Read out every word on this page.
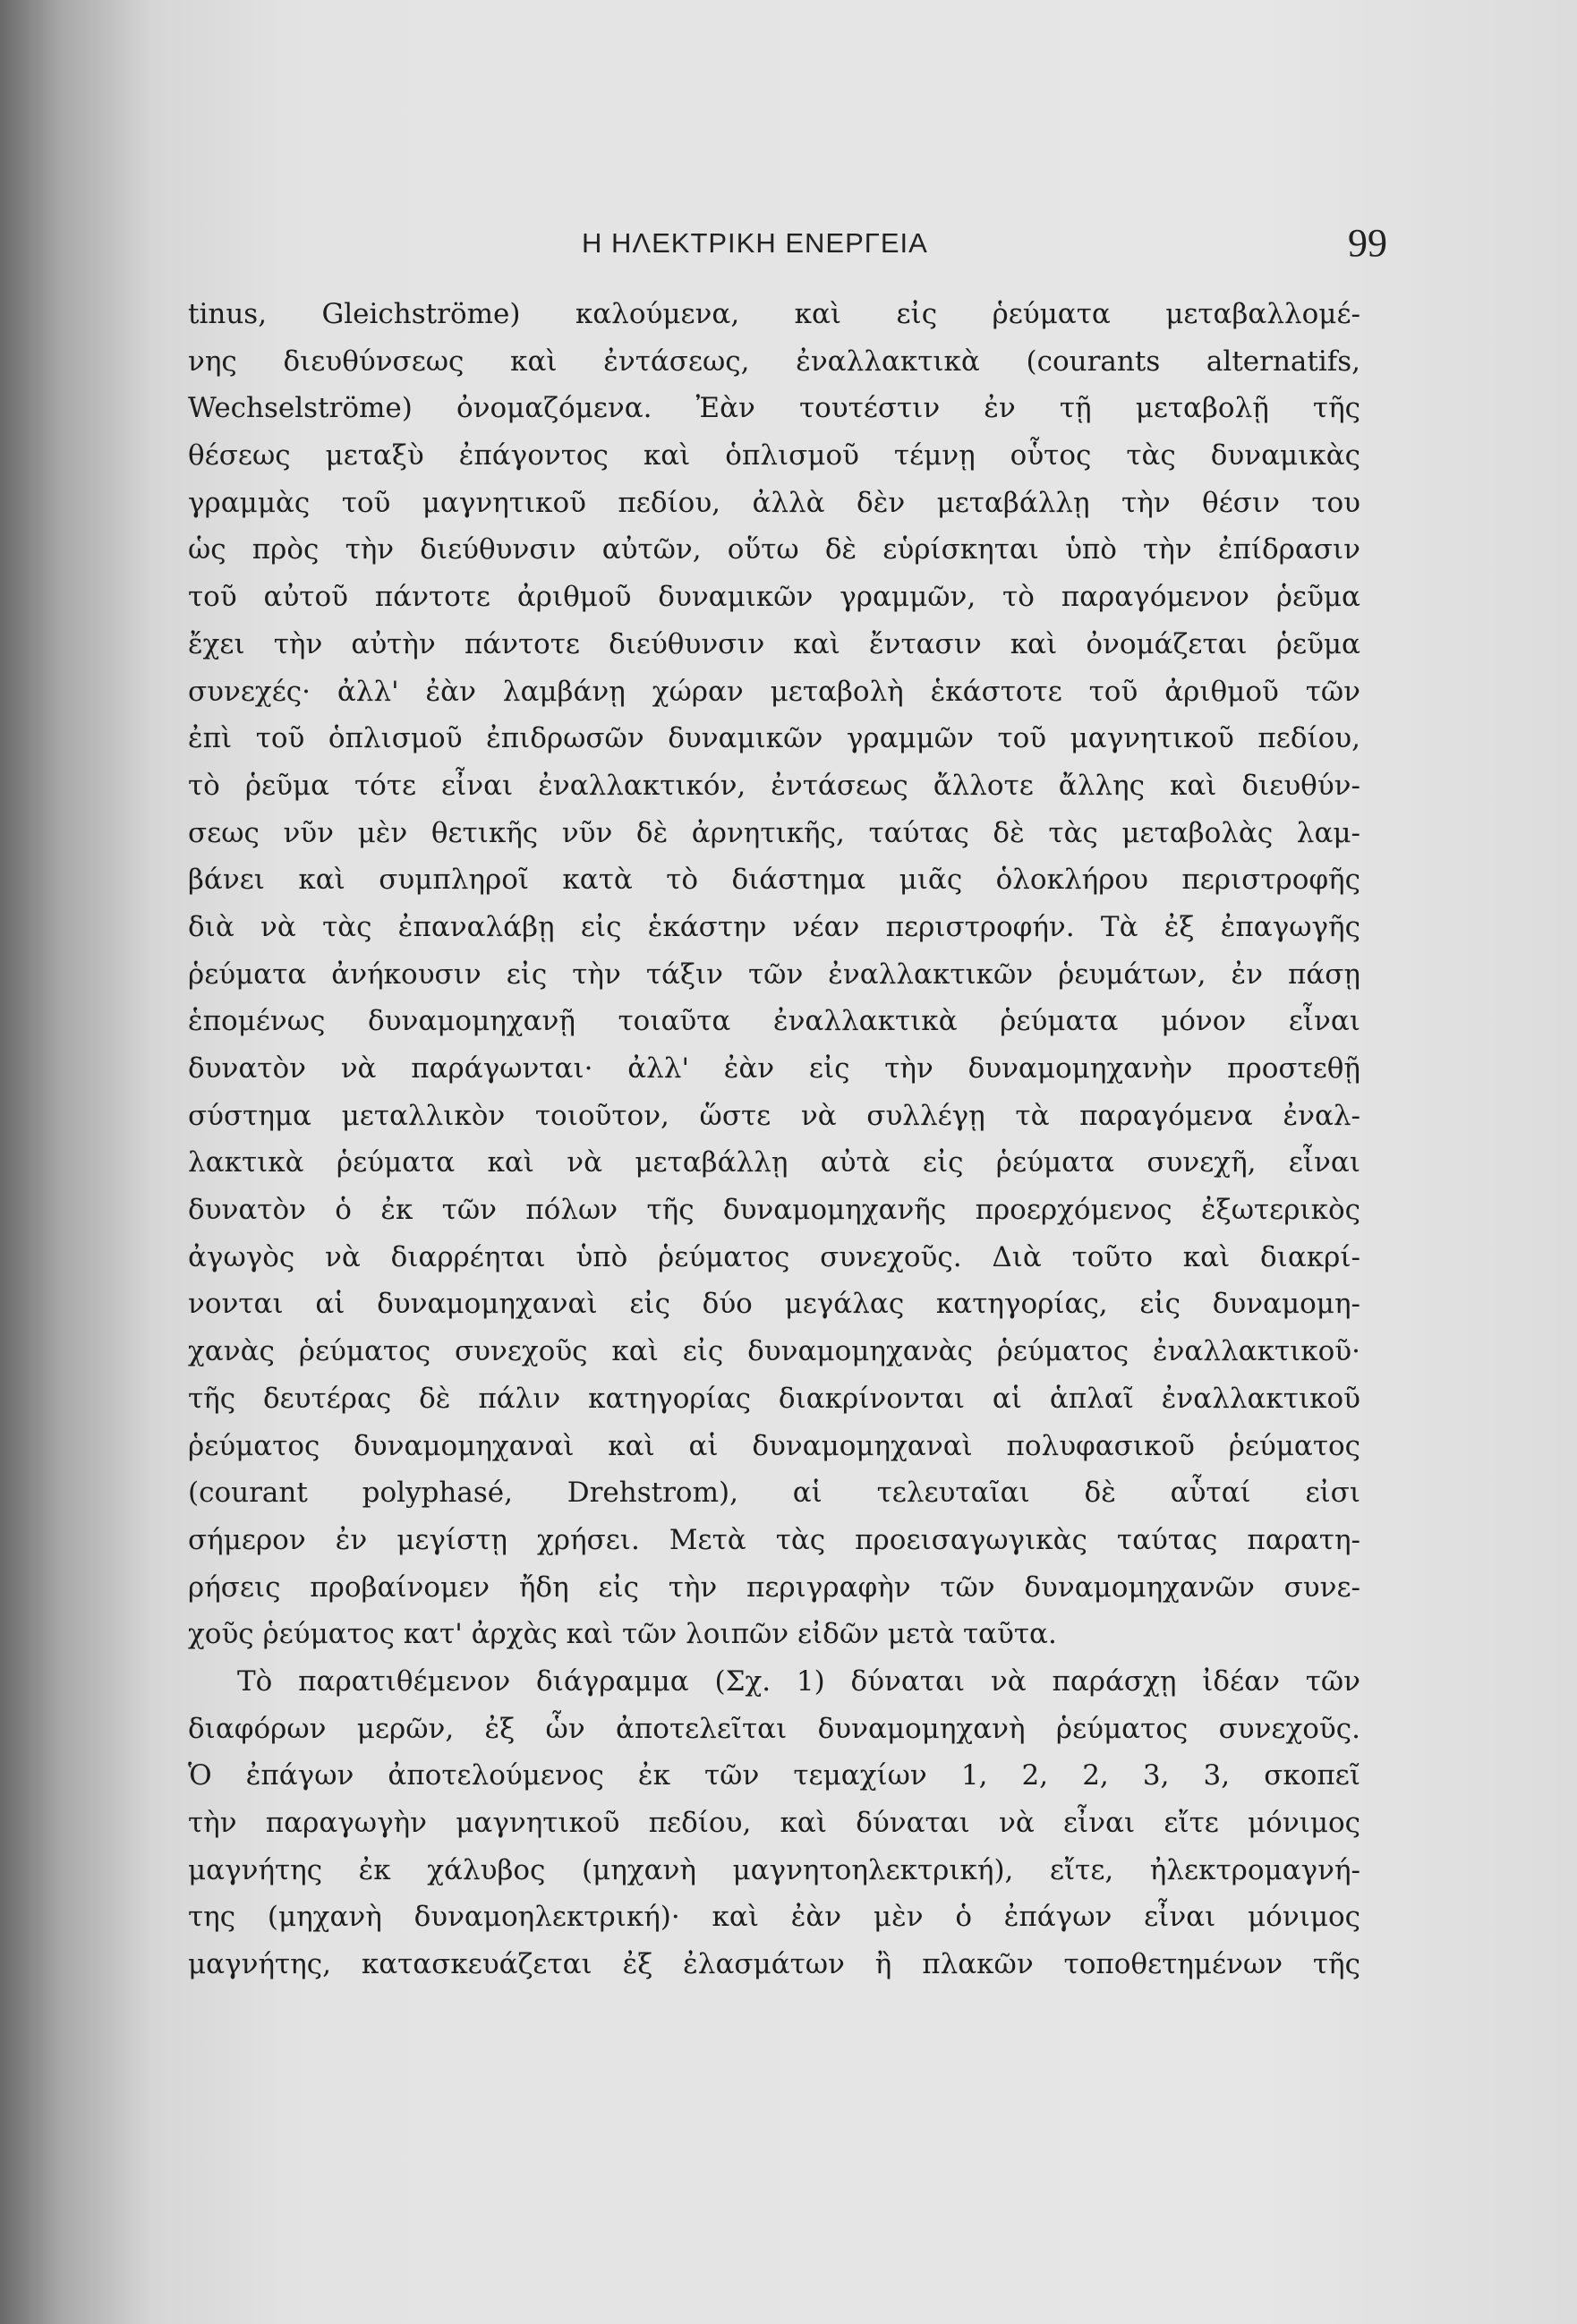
Η ΗΛΕΚΤΡΙΚΗ ΕΝΕΡΓΕΙΑ	99
tinus, Gleichströme) καλούμενα, καὶ εἰς ῥεύματα μεταβαλλομέ-
νης διευθύνσεως καὶ ἐντάσεως, ἐναλλακτικὰ (courants alternatifs,
Wechselströme) ὀνομαζόμενα. Ἐὰν τουτέστιν ἐν τῇ μεταβολῇ τῆς
θέσεως μεταξὺ ἐπάγοντος καὶ ὁπλισμοῦ τέμνῃ οὗτος τὰς δυναμικὰς
γραμμὰς τοῦ μαγνητικοῦ πεδίου, ἀλλὰ δὲν μεταβάλλῃ τὴν θέσιν του
ὡς πρὸς τὴν διεύθυνσιν αὐτῶν, οὕτω δὲ εὑρίσκηται ὑπὸ τὴν ἐπίδρασιν
τοῦ αὐτοῦ πάντοτε ἀριθμοῦ δυναμικῶν γραμμῶν, τὸ παραγόμενον ῥεῦμα
ἔχει τὴν αὐτὴν πάντοτε διεύθυνσιν καὶ ἔντασιν καὶ ὀνομάζεται ῥεῦμα
συνεχές· ἀλλ' ἐὰν λαμβάνῃ χώραν μεταβολὴ ἑκάστοτε τοῦ ἀριθμοῦ τῶν
ἐπὶ τοῦ ὁπλισμοῦ ἐπιδρωσῶν δυναμικῶν γραμμῶν τοῦ μαγνητικοῦ πεδίου,
τὸ ῥεῦμα τότε εἶναι ἐναλλακτικόν, ἐντάσεως ἄλλοτε ἄλλης καὶ διευθύν-
σεως νῦν μὲν θετικῆς νῦν δὲ ἀρνητικῆς, ταύτας δὲ τὰς μεταβολὰς λαμ-
βάνει καὶ συμπληροῖ κατὰ τὸ διάστημα μιᾶς ὁλοκλήρου περιστροφῆς
διὰ νὰ τὰς ἐπαναλάβῃ εἰς ἑκάστην νέαν περιστροφήν. Τὰ ἐξ ἐπαγωγῆς
ῥεύματα ἀνήκουσιν εἰς τὴν τάξιν τῶν ἐναλλακτικῶν ῥευμάτων, ἐν πάσῃ
ἑπομένως δυναμομηχανῇ τοιαῦτα ἐναλλακτικὰ ῥεύματα μόνον εἶναι
δυνατὸν νὰ παράγωνται· ἀλλ' ἐὰν εἰς τὴν δυναμομηχανὴν προστεθῇ
σύστημα μεταλλικὸν τοιοῦτον, ὥστε νὰ συλλέγῃ τὰ παραγόμενα ἐναλ-
λακτικὰ ῥεύματα καὶ νὰ μεταβάλλῃ αὐτὰ εἰς ῥεύματα συνεχῆ, εἶναι
δυνατὸν ὁ ἐκ τῶν πόλων τῆς δυναμομηχανῆς προερχόμενος ἐξωτερικὸς
ἀγωγὸς νὰ διαρρέηται ὑπὸ ῥεύματος συνεχοῦς. Διὰ τοῦτο καὶ διακρί-
νονται αἱ δυναμομηχαναὶ εἰς δύο μεγάλας κατηγορίας, εἰς δυναμομη-
χανὰς ῥεύματος συνεχοῦς καὶ εἰς δυναμομηχανὰς ῥεύματος ἐναλλακτικοῦ·
τῆς δευτέρας δὲ πάλιν κατηγορίας διακρίνονται αἱ ἁπλαῖ ἐναλλακτικοῦ
ῥεύματος δυναμομηχαναὶ καὶ αἱ δυναμομηχαναὶ πολυφασικοῦ ῥεύματος
(courant polyphasé, Drehstrom), αἱ τελευταῖαι δὲ αὗταί εἰσι
σήμερον ἐν μεγίστῃ χρήσει. Μετὰ τὰς προεισαγωγικὰς ταύτας παρατη-
ρήσεις προβαίνομεν ἤδη εἰς τὴν περιγραφὴν τῶν δυναμομηχανῶν συνε-
χοῦς ῥεύματος κατ' ἀρχὰς καὶ τῶν λοιπῶν εἰδῶν μετὰ ταῦτα.
Τὸ παρατιθέμενον διάγραμμα (Σχ. 1) δύναται νὰ παράσχῃ ἰδέαν τῶν
διαφόρων μερῶν, ἐξ ὧν ἀποτελεῖται δυναμομηχανὴ ῥεύματος συνεχοῦς.
Ὁ ἐπάγων ἀποτελούμενος ἐκ τῶν τεμαχίων 1, 2, 2, 3, 3, σκοπεῖ
τὴν παραγωγὴν μαγνητικοῦ πεδίου, καὶ δύναται νὰ εἶναι εἴτε μόνιμος
μαγνήτης ἐκ χάλυβος (μηχανὴ μαγνητοηλεκτρική), εἴτε, ἠλεκτρομαγνή-
της (μηχανὴ δυναμοηλεκτρική)· καὶ ἐὰν μὲν ὁ ἐπάγων εἶναι μόνιμος
μαγνήτης, κατασκευάζεται ἐξ ἐλασμάτων ἢ πλακῶν τοποθετημένων τῆς
